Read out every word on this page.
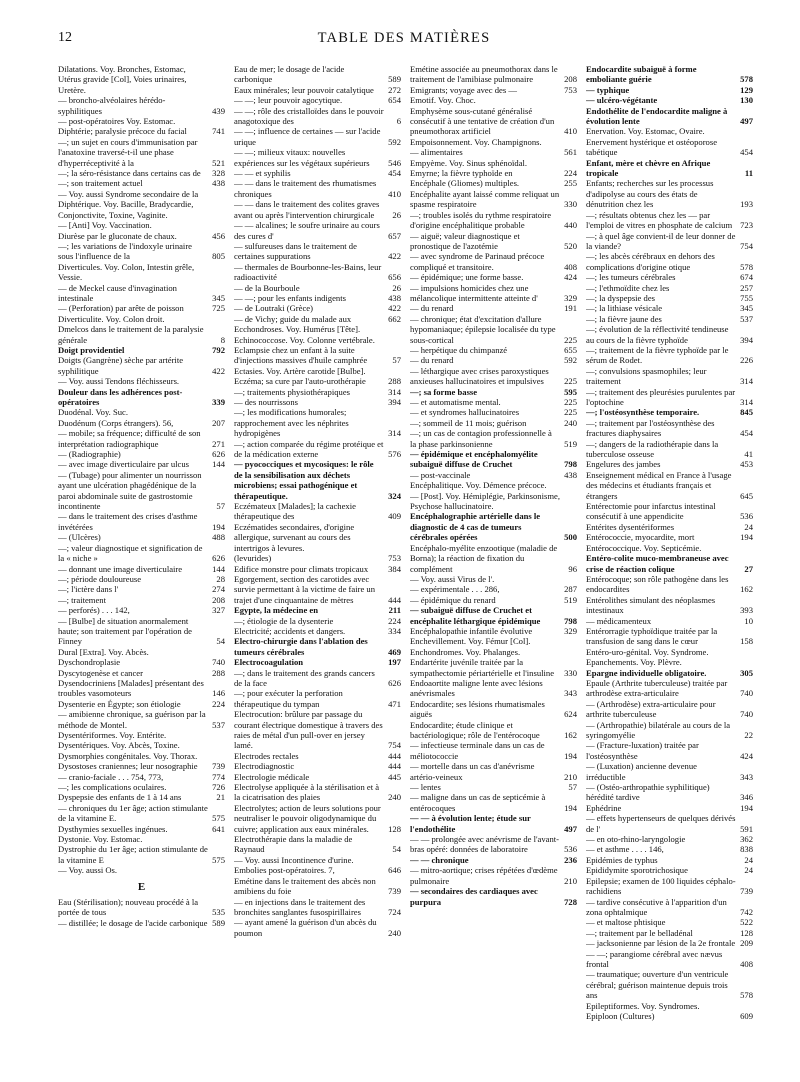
12	TABLE DES MATIÈRES
Dilatations. Voy. Bronches, Estomac, Utérus gravide [Col], Voies urinaires, Uretère.
— broncho-alvéolaires hérédo-syphilitiques	439
— post-opératoires Voy. Estomac.
Diphtérie; paralysie précoce du facial	741
—; un sujet en cours d'immunisation par l'anatoxine traversé-t-il une phase d'hyperréceptivité à la	521
—; la séro-résistance dans certains cas de	328
—; son traitement actuel	438
— Voy. aussi Syndrome secondaire de la
Diphtérique. Voy. Bacille, Bradycardie, Conjonctivite, Toxine, Vaginite.
— [Anti] Voy. Vaccination.
Diurèse par le gluconate de chaux.	456
—; les variations de l'indoxyle urinaire sous l'influence de la	805
Diverticules. Voy. Colon, Intestin grêle, Vessie.
— de Meckel cause d'invagination intestinale	345
— (Perforation) par arête de poisson	725
Diverticulite. Voy. Colon droit.
Dmelcos dans le traitement de la paralysie générale	8
Doigt providentiel	792
Doigts (Gangrène) sèche par artérite syphilitique	422
— Voy. aussi Tendons fléchisseurs.
Douleur dans les adhérences post-opératoires	339
Duodénal. Voy. Suc.
Duodénum (Corps étrangers). 56,	207
— mobile; sa fréquence; difficulté de son interprétation radiographique	271
— (Radiographie)	626
— avec image diverticulaire par ulcus	144
— (Tubage) pour alimenter un nourrisson ayant une ulcération phagédénique de la paroi abdominale suite de gastrostomie incontinente	57
— dans le traitement des crises d'asthme invétérées	194
— (Ulcères)	488
—; valeur diagnostique et signification de la « niche »	626
— donnant une image diverticulaire	144
—; période douloureuse	28
—; l'ictère dans l'	274
—; traitement	208
— perforés) . . . 142,	327
— [Bulbe] de situation anormalement haute; son traitement par l'opération de Finney	54
Dural [Extra]. Voy. Abcès.
Dyschondroplasie	740
Dyscytogenèse et cancer	288
Dysendocriniens [Malades] présentant des troubles vasomoteurs	146
Dysenterie en Égypte; son étiologie	224
— amibienne chronique, sa guérison par la méthode de Montel.	537
Dysentériformes. Voy. Entérite.
Dysentériques. Voy. Abcès, Toxine.
Dysmorphies congénitales. Voy. Thorax.
Dysostoses craniennes; leur nosographie	739
— cranio-faciale . . . 754, 773,	774
—; les complications oculaires.	726
Dyspepsie des enfants de 1 à 14 ans	21
— chroniques du 1er âge; action stimulante de la vitamine E.	575
Dysthymies sexuelles ingénues.	641
Dystonie. Voy. Estomac.
Dystrophie du 1er âge; action stimulante de la vitamine E	575
— Voy. aussi Os.
E
Eau (Stérilisation); nouveau procédé à la portée de tous	535
— distillée; le dosage de l'acide carbonique 589
Eau de mer; le dosage de l'acide carbonique	589
Eaux minérales; leur pouvoir catalytique	272
— —; leur pouvoir agocytique.	654
— —; rôle des cristalloïdes dans le pouvoir anagotoxique des	6
— —; influence de certaines — sur l'acide urique	592
— —; milieux vitaux: nouvelles expériences sur les végétaux supérieurs	546
— — et syphilis	454
— — dans le traitement des rhumatismes chroniques	410
— — dans le traitement des colites graves avant ou après l'intervention chirurgicale	26
— — alcalines; le soufre urinaire au cours des cures d'	657
— sulfureuses dans le traitement de certaines suppurations	422
— thermales de Bourbonne-les-Bains, leur radioactivité	656
— de la Bourboule	26
— —; pour les enfants indigents	438
— de Loutraki (Grèce)	422
— de Vichy; guide du malade aux	662
Ecchondroses. Voy. Humérus [Tête].
Echinococcose. Voy. Colonne vertébrale.
Eclampsie chez un enfant à la suite d'injections massives d'huile camphrée	57
Ectasies. Voy. Artère carotide [Bulbe].
Eczéma; sa cure par l'auto-urothérapie	288
—; traitements physiothérapiques	314
— des nourrissons	394
—; les modifications humorales; rapprochement avec les néphrites hydropigènes	314
—; action comparée du régime protéique et de la médication externe	576
— pyococciques et mycosiques: le rôle de la sensibilisation aux déchets microbiens; essai pathogénique et thérapeutique.	324
Eczémateux [Malades]; la cachexie thérapeutique des	409
Eczématides secondaires, d'origine allergique, survenant au cours des intertrigos à levures.
(levurides)	753
Edifice monstre pour climats tropicaux	384
Egorgement, section des carotides avec survie permettant à la victime de faire un trajet d'une cinquantaine de mètres	444
Egypte, la médecine en	211
—; étiologie de la dysenterie	224
Electricité; accidents et dangers.	334
Electro-chirurgie dans l'ablation des tumeurs cérébrales	469
Electrocoagulation	197
—; dans le traitement des grands cancers de la face	626
—; pour exécuter la perforation thérapeutique du tympan	471
Electrocution: brûlure par passage du courant électrique domestique à travers des raies de métal d'un pull-over en jersey lamé.	754
Electrodes rectales	444
Electrodiagnostic	444
Electrologie médicale	445
Electrolyse appliquée à la stérilisation et à la cicatrisation des plaies	240
Electrolytes; action de leurs solutions pour neutraliser le pouvoir oligodynamique du cuivre; application aux eaux minérales.	128
Electrothérapie dans la maladie de Raynaud	54
— Voy. aussi Incontinence d'urine.
Embolies post-opératoires. 7,	646
Emétine dans le traitement des abcès non amibiens du foie	739
— en injections dans le traitement des bronchites sanglantes fusospirillaires	724
— ayant amené la guérison d'un abcès du poumon	240
Emétine associée au pneumothorax dans le traitement de l'amibiase pulmonaire	208
Emigrants; voyage avec des —	753
Emotif. Voy. Choc.
Emphysème sous-cutané généralisé consécutif à une tentative de création d'un pneumothorax artificiel	410
Empoisonnement. Voy. Champignons.
— alimentaires	561
Empyème. Voy. Sinus sphénoïdal.
Emyrne; la fièvre typhoïde en	224
Encéphale (Gliomes) multiples.	255
Encéphalite ayant laissé comme reliquat un spasme respiratoire	330
—; troubles isolés du rythme respiratoire d'origine encéphalitique probable	440
— aiguë; valeur diagnostique et pronostique de l'azotémie	520
— avec syndrome de Parinaud précoce compliqué et transitoire.	408
— épidémique; une forme basse.	424
— impulsions homicides chez une mélancolique intermittente atteinte d'	329
— du renard	191
— chronique; état d'excitation d'allure hypomaniaque; épilepsie localisée du type sous-cortical	225
— herpétique du chimpanzé	655
— du renard	592
— léthargique avec crises paroxystiques anxieuses hallucinatoires et impulsives	225
—; sa forme basse	595
— et automatisme mental.	225
— et syndromes hallucinatoires	225
—; sommeil de 11 mois; guérison	240
—; un cas de contagion professionnelle à la phase parkinsonienne	519
— épidémique et encéphalomyélite subaiguë diffuse de Cruchet	798
— post-vaccinale	438
Encéphalitique. Voy. Démence précoce.
— [Post]. Voy. Hémiplégie, Parkinsonisme, Psychose hallucinatoire.
Encéphalographie artérielle dans le diagnostic de 4 cas de tumeurs cérébrales opérées	500
Encéphalo-myélite enzootique (maladie de Borna); la réaction de fixation du complément	96
— Voy. aussi Virus de l'.
— expérimentale . . . 286,	287
— épidémique du renard	519
— subaiguë diffuse de Cruchet et encéphalite léthargique épidémique	798
Encéphalopathie infantile évolutive	329
Enchevillement. Voy. Fémur [Col].
Enchondromes. Voy. Phalanges.
Endartérite juvénile traitée par la sympathectomie périartérielle et l'insuline	330
Endoaortite maligne lente avec lésions anévrismales	343
Endocardite; ses lésions rhumatismales aiguës	624
Endocardite; étude clinique et bactériologique; rôle de l'entérocoque	162
— infectieuse terminale dans un cas de méliotococcie	194
— mortelle dans un cas d'anévrisme artério-veineux	210
— lentes	57
— maligne dans un cas de septicémie à entérocoques	194
— — à évolution lente; étude sur l'endothélite	497
— — prolongée avec anévrisme de l'avant-bras opéré: données de laboratoire	536
— — chronique	236
— mitro-aortique; crises répétées d'œdème pulmonaire	210
— secondaires des cardiaques avec purpura	728
Endocardite subaiguë à forme emboliante guérie	578
— typhique	129
— ulcéro-végétante	130
Endothélite de l'endocardite maligne à évolution lente	497
Enervation. Voy. Estomac, Ovaire.
Enervement hystérique et ostéoporose tabétique	454
Enfant, mère et chèvre en Afrique tropicale	11
Enfants; recherches sur les processus d'adipolyse au cours des états de dénutrition chez les	193
—; résultats obtenus chez les — par l'emploi de vitres en phosphate de calcium 723
—; à quel âge convient-il de leur donner de la viande?	754
—; les abcès cérébraux en dehors des complications d'origine otique	578
—; les tumeurs cérébrales	674
—; l'ethmoïdite chez les	257
—; la dyspepsie des	755
—; la lithiase vésicale	345
—; la fièvre jaune des	537
—; évolution de la réflectivité tendineuse au cours de la fièvre typhoïde	394
—; traitement de la fièvre typhoïde par le sérum de Rodet.	226
—; convulsions spasmophiles; leur traitement	314
—; traitement des pleurésies purulentes par l'optochine	314
—; l'ostéosynthèse temporaire.	845
—; traitement par l'ostéosynthèse des fractures diaphysaires	454
—; dangers de la radiothérapie dans la tuberculose osseuse	41
Engelures des jambes	453
Enseignement médical en France à l'usage des médecins et étudiants français et étrangers	645
Entérectomie pour infarctus intestinal consécutif à une appendicite	536
Entérites dysentériformes	24
Entérococcie, myocardite, mort	194
Entérococcique. Voy. Septicémie.
Entéro-colite muco-membraneuse avec crise de réaction colique	27
Entérocoque; son rôle pathogène dans les endocardites	162
Entérolithes simulant des néoplasmes intestinaux	393
— médicamenteux	10
Entérorragie typhoïdique traitée par la transfusion de sang dans le cœur	158
Entéro-urо-génital. Voy. Syndrome.
Epanchements. Voy. Plèvre.
Epargne individuelle obligatoire.	305
Epaule (Arthrite tuberculeuse) traitée par arthrodèse extra-articulaire	740
— (Arthrodèse) extra-articulaire pour arthrite tuberculeuse	740
— (Arthropathie) bilatérale au cours de la syringomyélie	22
— (Fracture-luxation) traitée par l'ostéosynthèse	424
— (Luxation) ancienne devenue irréductible	343
— (Ostéo-arthropathie syphilitique) hérédité tardive	346
Ephédrine	194
— effets hypertenseurs de quelques dérivés de l'	591
— en oto-rhino-laryngologie	362
— et asthme . . . . 146,	838
Epidémies de typhus	24
Epididymite sporotrichosique	24
Epilepsie; examen de 100 liquides céphalo-rachidiens	739
— tardive consécutive à l'apparition d'un zona ophtalmique	742
— et maltose phtisique	522
—; traitement par le belladénal	128
— jacksonienne par lésion de la 2e frontale 209
— —; parangiome cérébral avec nævus frontal	408
— traumatique; ouverture d'un ventricule cérébral; guérison maintenue depuis trois ans	578
Epileptiformes. Voy. Syndromes.
Epiploon (Cultures)	609
